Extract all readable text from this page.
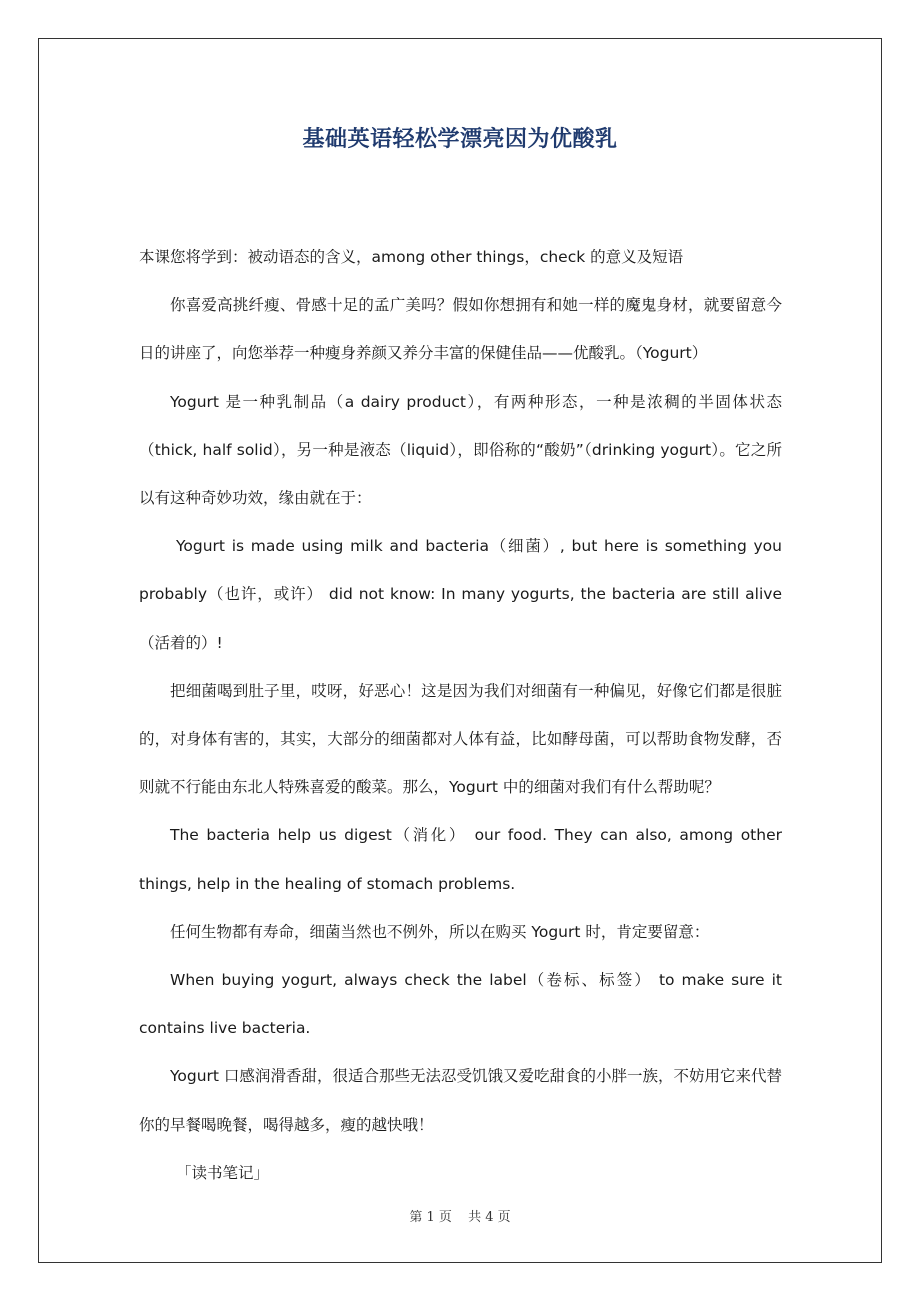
基础英语轻松学漂亮因为优酸乳

本课您将学到：被动语态的含义，among other things，check 的意义及短语

你喜爱高挑纤瘦、骨感十足的孟广美吗？假如你想拥有和她一样的魔鬼身材，就要留意今日的讲座了，向您举荐一种瘦身养颜又养分丰富的保健佳品——优酸乳。（Yogurt）

Yogurt 是一种乳制品（a dairy product），有两种形态，一种是浓稠的半固体状态（thick, half solid），另一种是液态（liquid），即俗称的“酸奶”（drinking yogurt）。它之所以有这种奇妙功效，缘由就在于：

Yogurt is made using milk and bacteria（细菌）, but here is something you probably（也许，或许） did not know: In many yogurts, the bacteria are still alive（活着的）!

把细菌喝到肚子里，哎呀，好恶心！这是因为我们对细菌有一种偏见，好像它们都是很脏的，对身体有害的，其实，大部分的细菌都对人体有益，比如酵母菌，可以帮助食物发酵，否则就不行能由东北人特殊喜爱的酸菜。那么，Yogurt 中的细菌对我们有什么帮助呢？

The bacteria help us digest（消化） our food. They can also, among other things, help in the healing of stomach problems.

任何生物都有寿命，细菌当然也不例外，所以在购买 Yogurt 时，肯定要留意：

When buying yogurt, always check the label（卷标、标签） to make sure it contains live bacteria.

Yogurt 口感润滑香甜，很适合那些无法忍受饥饿又爱吃甜食的小胖一族，不妨用它来代替你的早餐喝晚餐，喝得越多，瘦的越快哦！

「读书笔记」

第 1 页 共 4 页
